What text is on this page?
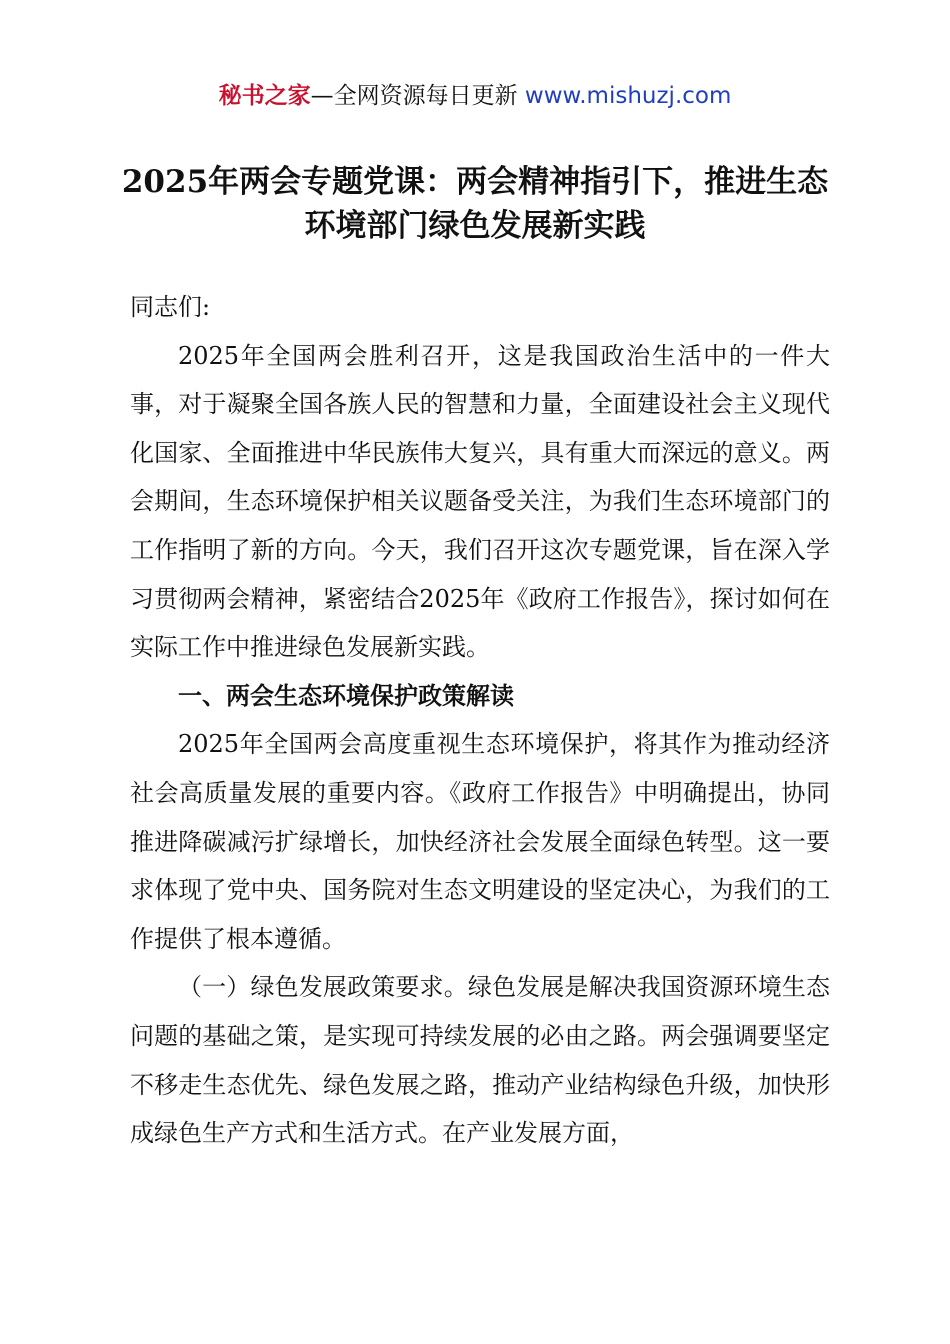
秘书之家—全网资源每日更新 www.mishuzj.com
2025年两会专题党课：两会精神指引下，推进生态环境部门绿色发展新实践

同志们:

2025年全国两会胜利召开，这是我国政治生活中的一件大事，对于凝聚全国各族人民的智慧和力量，全面建设社会主义现代化国家、全面推进中华民族伟大复兴，具有重大而深远的意义。两会期间，生态环境保护相关议题备受关注，为我们生态环境部门的工作指明了新的方向。今天，我们召开这次专题党课，旨在深入学习贯彻两会精神，紧密结合2025年《政府工作报告》，探讨如何在实际工作中推进绿色发展新实践。

一、两会生态环境保护政策解读

2025年全国两会高度重视生态环境保护，将其作为推动经济社会高质量发展的重要内容。《政府工作报告》中明确提出，协同推进降碳减污扩绿增长，加快经济社会发展全面绿色转型。这一要求体现了党中央、国务院对生态文明建设的坚定决心，为我们的工作提供了根本遵循。

（一）绿色发展政策要求。绿色发展是解决我国资源环境生态问题的基础之策，是实现可持续发展的必由之路。两会强调要坚定不移走生态优先、绿色发展之路，推动产业结构绿色升级，加快形成绿色生产方式和生活方式。在产业发展方面，
